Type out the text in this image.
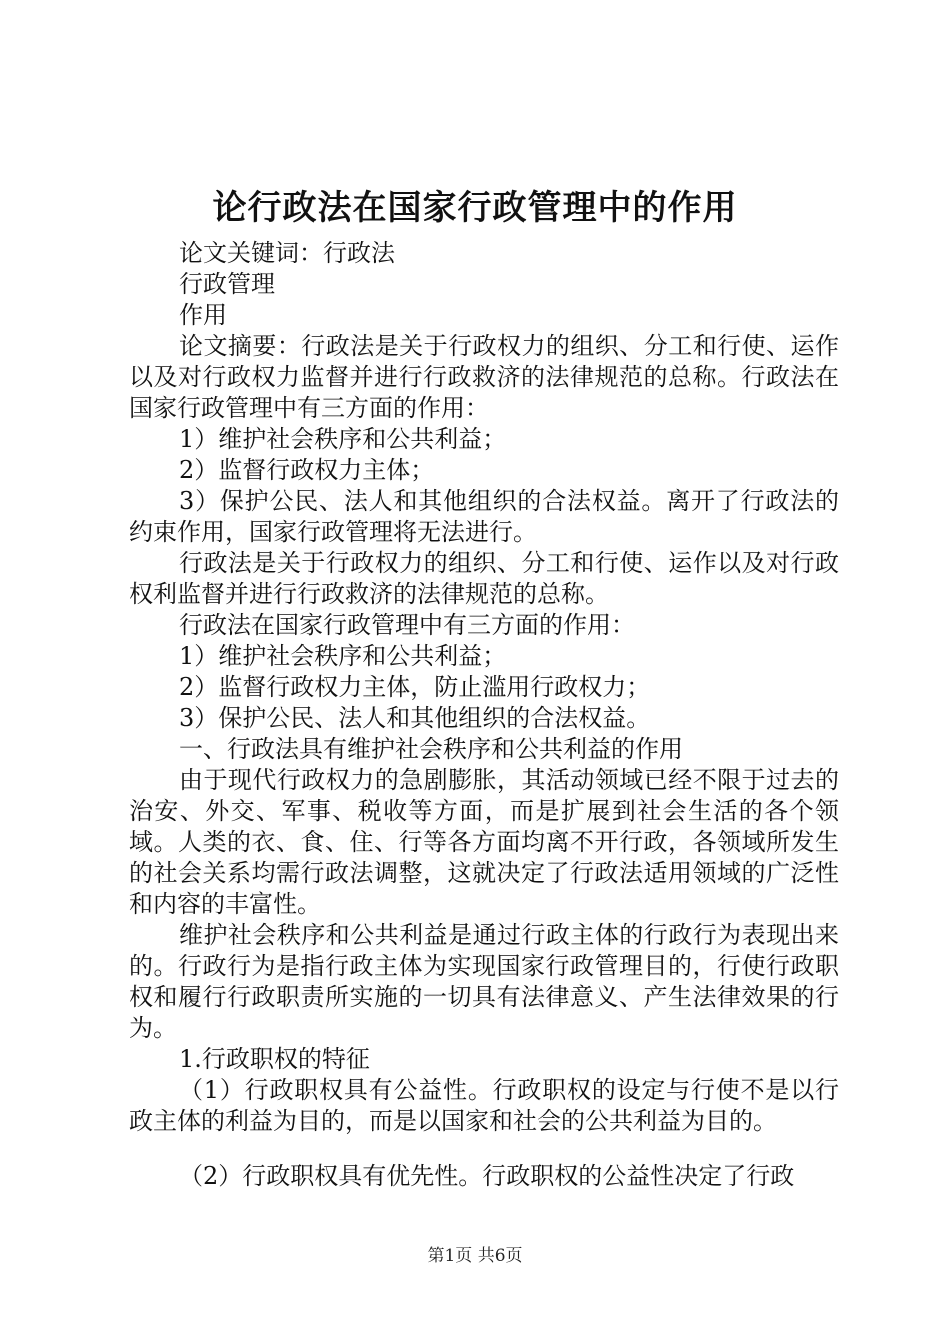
论行政法在国家行政管理中的作用

论文关键词：行政法

行政管理

作用

论文摘要：行政法是关于行政权力的组织、分工和行使、运作以及对行政权力监督并进行行政救济的法律规范的总称。行政法在国家行政管理中有三方面的作用：

1）维护社会秩序和公共利益；

2）监督行政权力主体；

3）保护公民、法人和其他组织的合法权益。离开了行政法的约束作用，国家行政管理将无法进行。

行政法是关于行政权力的组织、分工和行使、运作以及对行政权利监督并进行行政救济的法律规范的总称。

行政法在国家行政管理中有三方面的作用：

1）维护社会秩序和公共利益；

2）监督行政权力主体，防止滥用行政权力；

3）保护公民、法人和其他组织的合法权益。

一、行政法具有维护社会秩序和公共利益的作用

由于现代行政权力的急剧膨胀，其活动领域已经不限于过去的治安、外交、军事、税收等方面，而是扩展到社会生活的各个领域。人类的衣、食、住、行等各方面均离不开行政，各领域所发生的社会关系均需行政法调整，这就决定了行政法适用领域的广泛性和内容的丰富性。

维护社会秩序和公共利益是通过行政主体的行政行为表现出来的。行政行为是指行政主体为实现国家行政管理目的，行使行政职权和履行行政职责所实施的一切具有法律意义、产生法律效果的行为。

1.行政职权的特征

（1）行政职权具有公益性。行政职权的设定与行使不是以行政主体的利益为目的，而是以国家和社会的公共利益为目的。

（2）行政职权具有优先性。行政职权的公益性决定了行政

第1页 共6页
